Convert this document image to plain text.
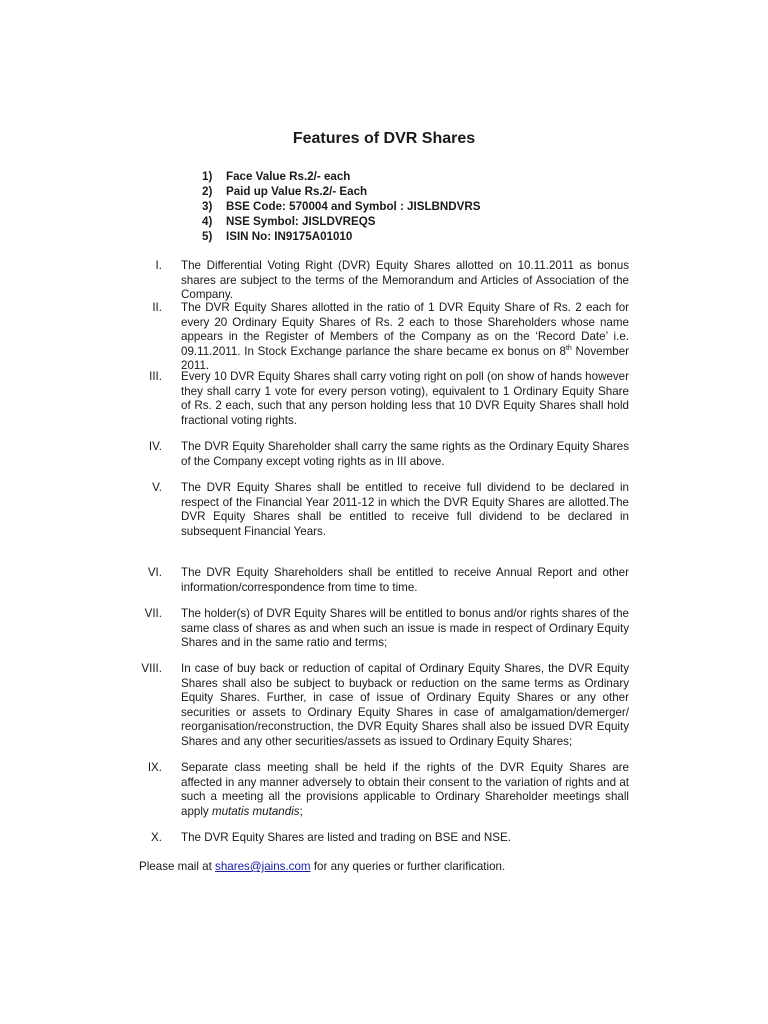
Features of DVR Shares
1)	Face Value Rs.2/- each
2)	Paid up Value Rs.2/- Each
3)	BSE Code: 570004 and Symbol : JISLBNDVRS
4)	NSE Symbol: JISLDVREQS
5)	ISIN No: IN9175A01010
I. The Differential Voting Right (DVR) Equity Shares allotted on 10.11.2011 as bonus shares are subject to the terms of the Memorandum and Articles of Association of the Company.
II. The DVR Equity Shares allotted in the ratio of 1 DVR Equity Share of Rs. 2 each for every 20 Ordinary Equity Shares of Rs. 2 each to those Shareholders whose name appears in the Register of Members of the Company as on the ‘Record Date’ i.e. 09.11.2011. In Stock Exchange parlance the share became ex bonus on 8th November 2011.
III. Every 10 DVR Equity Shares shall carry voting right on poll (on show of hands however they shall carry 1 vote for every person voting), equivalent to 1 Ordinary Equity Share of Rs. 2 each, such that any person holding less that 10 DVR Equity Shares shall hold fractional voting rights.
IV. The DVR Equity Shareholder shall carry the same rights as the Ordinary Equity Shares of the Company except voting rights as in III above.
V. The DVR Equity Shares shall be entitled to receive full dividend to be declared in respect of the Financial Year 2011-12 in which the DVR Equity Shares are allotted.The DVR Equity Shares shall be entitled to receive full dividend to be declared in subsequent Financial Years.
VI. The DVR Equity Shareholders shall be entitled to receive Annual Report and other information/correspondence from time to time.
VII. The holder(s) of DVR Equity Shares will be entitled to bonus and/or rights shares of the same class of shares as and when such an issue is made in respect of Ordinary Equity Shares and in the same ratio and terms;
VIII. In case of buy back or reduction of capital of Ordinary Equity Shares, the DVR Equity Shares shall also be subject to buyback or reduction on the same terms as Ordinary Equity Shares. Further, in case of issue of Ordinary Equity Shares or any other securities or assets to Ordinary Equity Shares in case of amalgamation/demerger/ reorganisation/reconstruction, the DVR Equity Shares shall also be issued DVR Equity Shares and any other securities/assets as issued to Ordinary Equity Shares;
IX. Separate class meeting shall be held if the rights of the DVR Equity Shares are affected in any manner adversely to obtain their consent to the variation of rights and at such a meeting all the provisions applicable to Ordinary Shareholder meetings shall apply mutatis mutandis;
X. The DVR Equity Shares are listed and trading on BSE and NSE.
Please mail at shares@jains.com for any queries or further clarification.
